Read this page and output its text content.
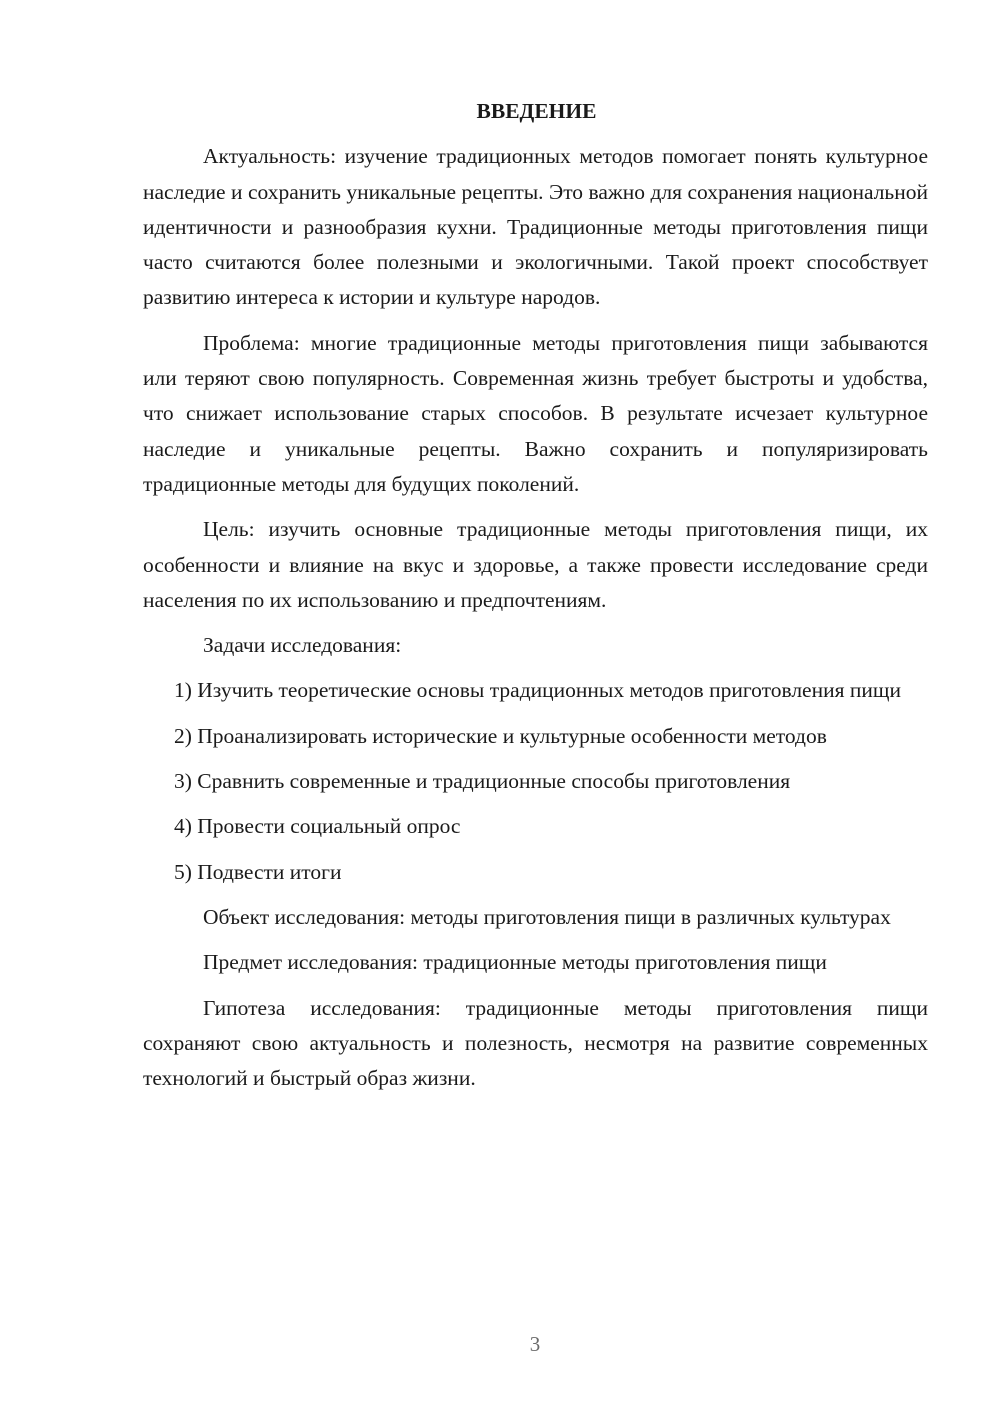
ВВЕДЕНИЕ

Актуальность: изучение традиционных методов помогает понять культурное наследие и сохранить уникальные рецепты. Это важно для сохранения национальной идентичности и разнообразия кухни. Традиционные методы приготовления пищи часто считаются более полезными и экологичными. Такой проект способствует развитию интереса к истории и культуре народов.

Проблема: многие традиционные методы приготовления пищи забываются или теряют свою популярность. Современная жизнь требует быстроты и удобства, что снижает использование старых способов. В результате исчезает культурное наследие и уникальные рецепты. Важно сохранить и популяризировать традиционные методы для будущих поколений.

Цель: изучить основные традиционные методы приготовления пищи, их особенности и влияние на вкус и здоровье, а также провести исследование среди населения по их использованию и предпочтениям.

Задачи исследования:

1) Изучить теоретические основы традиционных методов приготовления пищи

2) Проанализировать исторические и культурные особенности методов

3) Сравнить современные и традиционные способы приготовления

4) Провести социальный опрос

5) Подвести итоги

Объект исследования: методы приготовления пищи в различных культурах

Предмет исследования: традиционные методы приготовления пищи

Гипотеза исследования: традиционные методы приготовления пищи сохраняют свою актуальность и полезность, несмотря на развитие современных технологий и быстрый образ жизни.

3
